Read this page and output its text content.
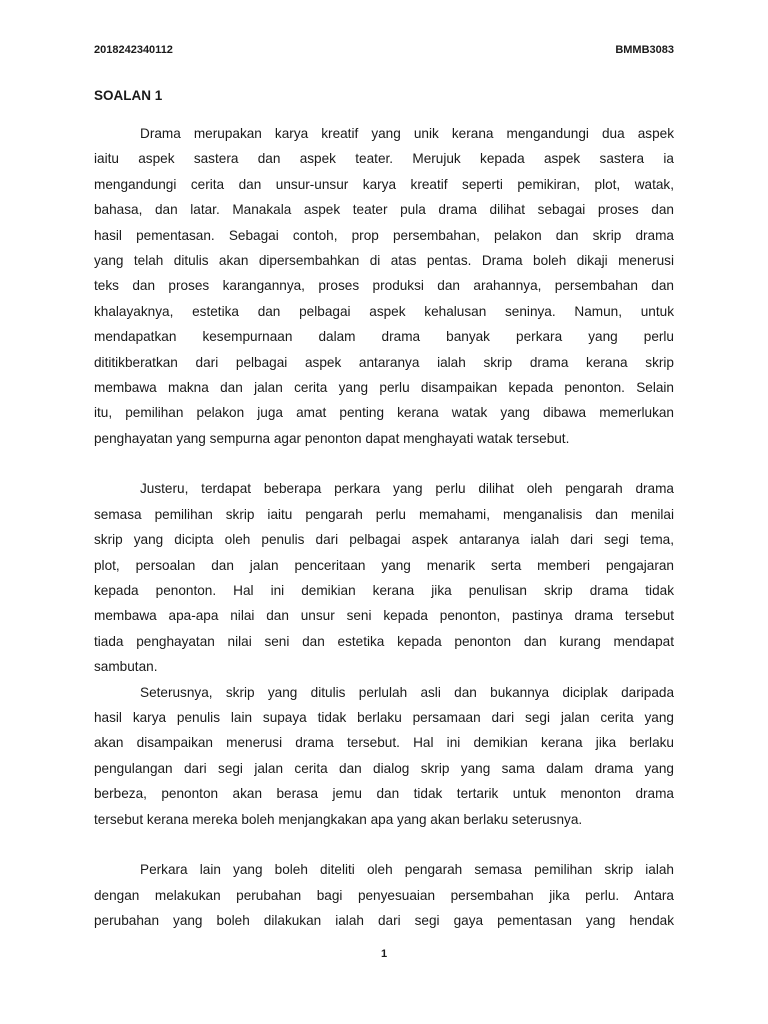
2018242340112	BMMB3083
SOALAN 1
Drama merupakan karya kreatif yang unik kerana mengandungi dua aspek
iaitu aspek sastera dan aspek teater. Merujuk kepada aspek sastera ia
mengandungi cerita dan unsur-unsur karya kreatif seperti pemikiran, plot, watak,
bahasa, dan latar. Manakala aspek teater pula drama dilihat sebagai proses dan
hasil pementasan. Sebagai contoh, prop persembahan, pelakon dan skrip drama
yang telah ditulis akan dipersembahkan di atas pentas. Drama boleh dikaji menerusi
teks dan proses karangannya, proses produksi dan arahannya, persembahan dan
khalayaknya, estetika dan pelbagai aspek kehalusan seninya. Namun, untuk
mendapatkan kesempurnaan dalam drama banyak perkara yang perlu
dititikberatkan dari pelbagai aspek antaranya ialah skrip drama kerana skrip
membawa makna dan jalan cerita yang perlu disampaikan kepada penonton. Selain
itu, pemilihan pelakon juga amat penting kerana watak yang dibawa memerlukan
penghayatan yang sempurna agar penonton dapat menghayati watak tersebut.
Justeru, terdapat beberapa perkara yang perlu dilihat oleh pengarah drama
semasa pemilihan skrip iaitu pengarah perlu memahami, menganalisis dan menilai
skrip yang dicipta oleh penulis dari pelbagai aspek antaranya ialah dari segi tema,
plot, persoalan dan jalan penceritaan yang menarik serta memberi pengajaran
kepada penonton. Hal ini demikian kerana jika penulisan skrip drama tidak
membawa apa-apa nilai dan unsur seni kepada penonton, pastinya drama tersebut
tiada penghayatan nilai seni dan estetika kepada penonton dan kurang mendapat
sambutan.
Seterusnya, skrip yang ditulis perlulah asli dan bukannya diciplak daripada
hasil karya penulis lain supaya tidak berlaku persamaan dari segi jalan cerita yang
akan disampaikan menerusi drama tersebut. Hal ini demikian kerana jika berlaku
pengulangan dari segi jalan cerita dan dialog skrip yang sama dalam drama yang
berbeza, penonton akan berasa jemu dan tidak tertarik untuk menonton drama
tersebut kerana mereka boleh menjangkakan apa yang akan berlaku seterusnya.
Perkara lain yang boleh diteliti oleh pengarah semasa pemilihan skrip ialah
dengan melakukan perubahan bagi penyesuaian persembahan jika perlu. Antara
perubahan yang boleh dilakukan ialah dari segi gaya pementasan yang hendak
1
